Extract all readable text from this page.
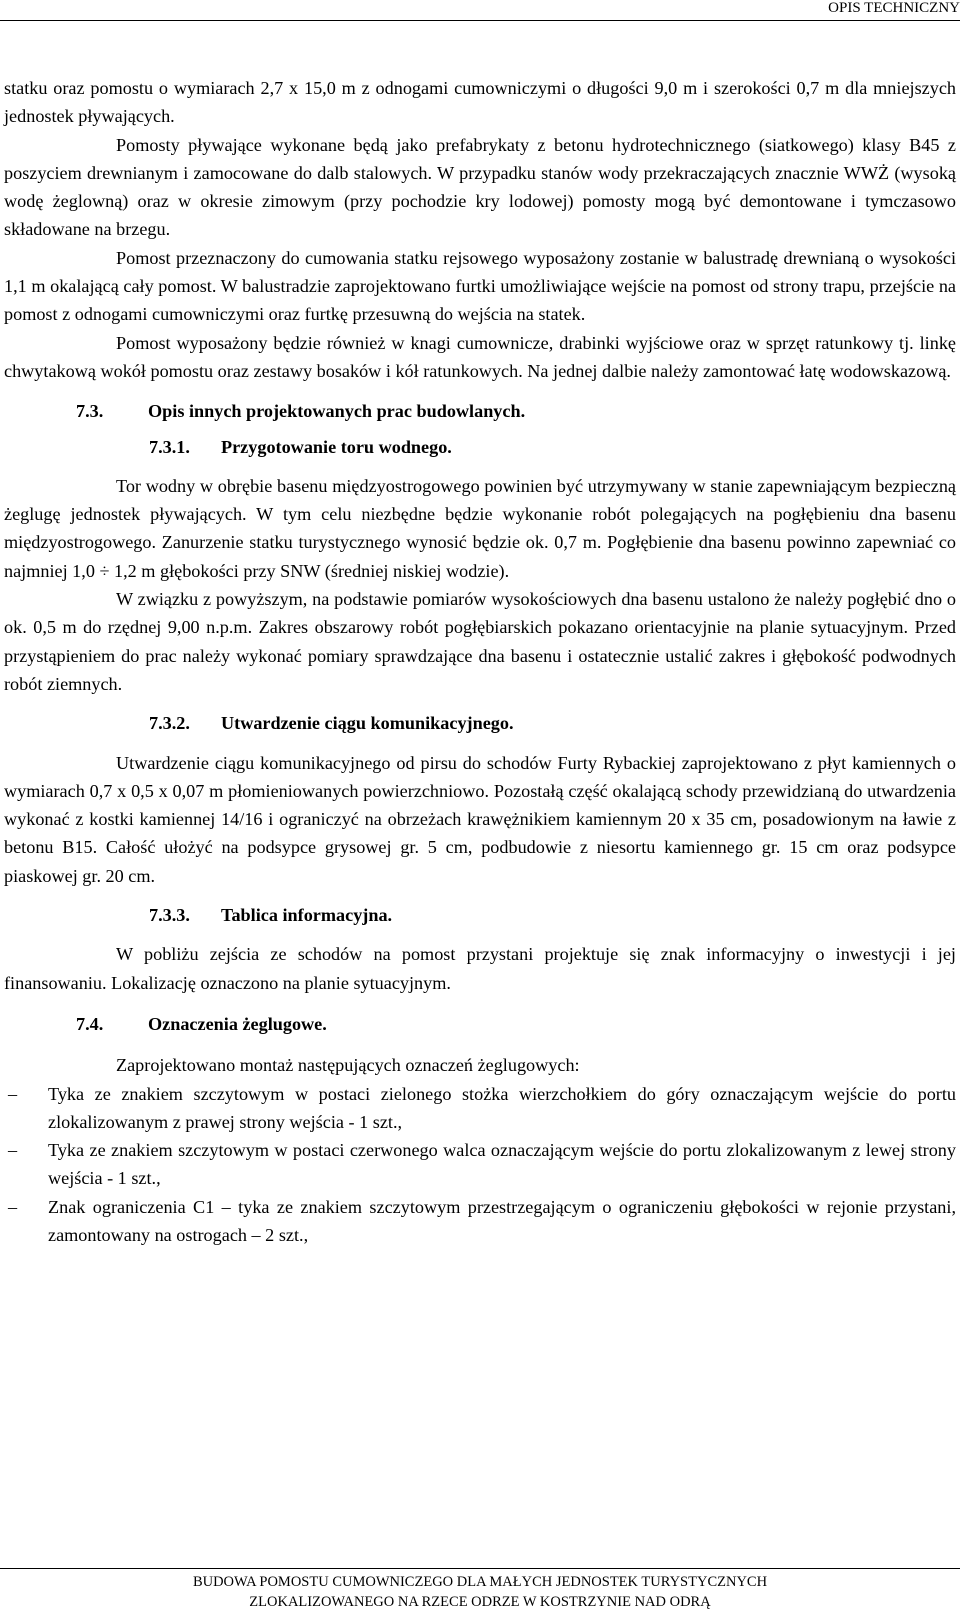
OPIS TECHNICZNY

statku oraz pomostu o wymiarach 2,7 x 15,0 m z odnogami cumowniczymi o długości 9,0 m i szerokości 0,7 m dla mniejszych jednostek pływających.

Pomosty pływające wykonane będą jako prefabrykaty z betonu hydrotechnicznego (siatkowego) klasy B45 z poszyciem drewnianym i zamocowane do dalb stalowych. W przypadku stanów wody przekraczających znacznie WWŻ (wysoką wodę żeglowną) oraz w okresie zimowym (przy pochodzie kry lodowej) pomosty mogą być demontowane i tymczasowo składowane na brzegu.

Pomost przeznaczony do cumowania statku rejsowego wyposażony zostanie w balustradę drewnianą o wysokości 1,1 m okalającą cały pomost. W balustradzie zaprojektowano furtki umożliwiające wejście na pomost od strony trapu, przejście na pomost z odnogami cumowniczymi oraz furtkę przesuwną do wejścia na statek.

Pomost wyposażony będzie również w knagi cumownicze, drabinki wyjściowe oraz w sprzęt ratunkowy tj. linkę chwytakową wokół pomostu oraz zestawy bosaków i kół ratunkowych. Na jednej dalbie należy zamontować łatę wodowskazową.

7.3. Opis innych projektowanych prac budowlanych.
7.3.1. Przygotowanie toru wodnego.

Tor wodny w obrębie basenu międzyostrogowego powinien być utrzymywany w stanie zapewniającym bezpieczną żeglugę jednostek pływających. W tym celu niezbędne będzie wykonanie robót polegających na pogłębieniu dna basenu międzyostrogowego. Zanurzenie statku turystycznego wynosić będzie ok. 0,7 m. Pogłębienie dna basenu powinno zapewniać co najmniej 1,0 ÷ 1,2 m głębokości przy SNW (średniej niskiej wodzie).

W związku z powyższym, na podstawie pomiarów wysokościowych dna basenu ustalono że należy pogłębić dno o ok. 0,5 m do rzędnej 9,00 n.p.m. Zakres obszarowy robót pogłębiarskich pokazano orientacyjnie na planie sytuacyjnym. Przed przystąpieniem do prac należy wykonać pomiary sprawdzające dna basenu i ostatecznie ustalić zakres i głębokość podwodnych robót ziemnych.

7.3.2. Utwardzenie ciągu komunikacyjnego.

Utwardzenie ciągu komunikacyjnego od pirsu do schodów Furty Rybackiej zaprojektowano z płyt kamiennych o wymiarach 0,7 x 0,5 x 0,07 m płomieniowanych powierzchniowo. Pozostałą część okalającą schody przewidzianą do utwardzenia wykonać z kostki kamiennej 14/16 i ograniczyć na obrzeżach krawężnikiem kamiennym 20 x 35 cm, posadowionym na ławie z betonu B15. Całość ułożyć na podsypce grysowej gr. 5 cm, podbudowie z niesortu kamiennego gr. 15 cm oraz podsypce piaskowej gr. 20 cm.

7.3.3. Tablica informacyjna.

W pobliżu zejścia ze schodów na pomost przystani projektuje się znak informacyjny o inwestycji i jej finansowaniu. Lokalizację oznaczono na planie sytuacyjnym.

7.4. Oznaczenia żeglugowe.

Zaprojektowano montaż następujących oznaczeń żeglugowych:

– Tyka ze znakiem szczytowym w postaci zielonego stożka wierzchołkiem do góry oznaczającym wejście do portu zlokalizowanym z prawej strony wejścia - 1 szt.,
– Tyka ze znakiem szczytowym w postaci czerwonego walca oznaczającym wejście do portu zlokalizowanym z lewej strony wejścia - 1 szt.,
– Znak ograniczenia C1 – tyka ze znakiem szczytowym przestrzegającym o ograniczeniu głębokości w rejonie przystani, zamontowany na ostrogach – 2 szt.,
BUDOWA POMOSTU CUMOWNICZEGO DLA MAŁYCH JEDNOSTEK TURYSTYCZNYCH
ZLOKALIZOWANEGO NA RZECE ODRZE W KOSTRZYNIE NAD ODRĄ
